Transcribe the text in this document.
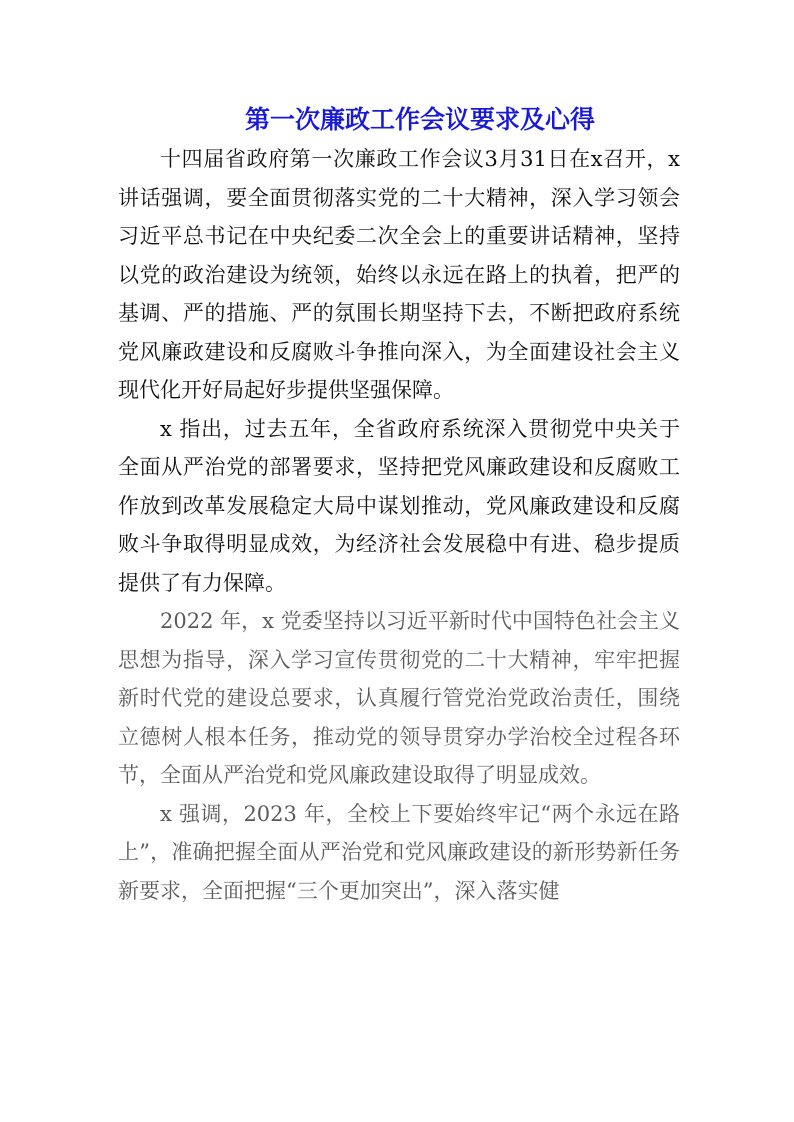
第一次廉政工作会议要求及心得

十四届省政府第一次廉政工作会议3月31日在x召开，x 讲话强调，要全面贯彻落实党的二十大精神，深入学习领会习近平总书记在中央纪委二次全会上的重要讲话精神，坚持以党的政治建设为统领，始终以永远在路上的执着，把严的基调、严的措施、严的氛围长期坚持下去，不断把政府系统党风廉政建设和反腐败斗争推向深入，为全面建设社会主义现代化开好局起好步提供坚强保障。

x 指出，过去五年，全省政府系统深入贯彻党中央关于全面从严治党的部署要求，坚持把党风廉政建设和反腐败工作放到改革发展稳定大局中谋划推动，党风廉政建设和反腐败斗争取得明显成效，为经济社会发展稳中有进、稳步提质提供了有力保障。

2022 年，x 党委坚持以习近平新时代中国特色社会主义思想为指导，深入学习宣传贯彻党的二十大精神，牢牢把握新时代党的建设总要求，认真履行管党治党政治责任，围绕立德树人根本任务，推动党的领导贯穿办学治校全过程各环节，全面从严治党和党风廉政建设取得了明显成效。

x 强调，2023 年，全校上下要始终牢记“两个永远在路上”，准确把握全面从严治党和党风廉政建设的新形势新任务新要求，全面把握“三个更加突出”，深入落实健
